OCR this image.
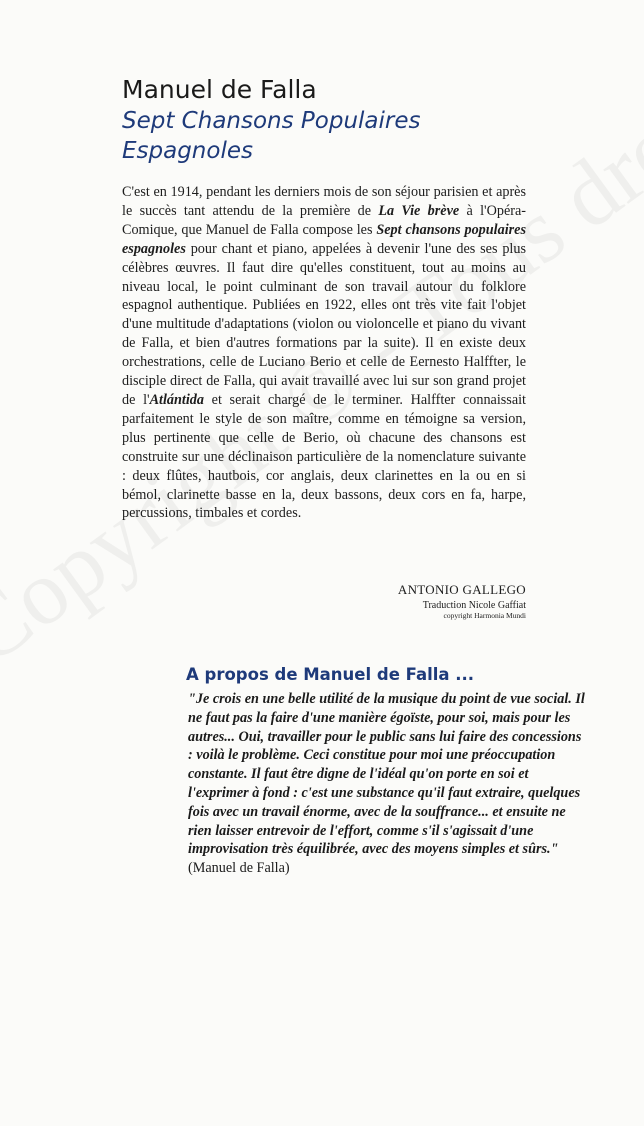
Manuel de Falla
Sept Chansons Populaires Espagnoles
C'est en 1914, pendant les derniers mois de son séjour parisien et après le succès tant attendu de la première de La Vie brève à l'Opéra-Comique, que Manuel de Falla compose les Sept chansons populaires espagnoles pour chant et piano, appelées à devenir l'une des ses plus célèbres œuvres. Il faut dire qu'elles constituent, tout au moins au niveau local, le point culminant de son travail autour du folklore espagnol authentique. Publiées en 1922, elles ont très vite fait l'objet d'une multitude d'adaptations (violon ou violoncelle et piano du vivant de Falla, et bien d'autres formations par la suite). Il en existe deux orchestrations, celle de Luciano Berio et celle de Eernesto Halffter, le disciple direct de Falla, qui avait travaillé avec lui sur son grand projet de l'Atlántida et serait chargé de le terminer. Halffter connaissait parfaitement le style de son maître, comme en témoigne sa version, plus pertinente que celle de Berio, où chacune des chansons est construite sur une déclinaison particulière de la nomenclature suivante : deux flûtes, hautbois, cor anglais, deux clarinettes en la ou en si bémol, clarinette basse en la, deux bassons, deux cors en fa, harpe, percussions, timbales et cordes.
ANTONIO GALLEGO
Traduction Nicole Gaffiat
copyright Harmonia Mundi
A propos de Manuel de Falla ...
"Je crois en une belle utilité de la musique du point de vue social. Il ne faut pas la faire d'une manière égoïste, pour soi, mais pour les autres... Oui, travailler pour le public sans lui faire des concessions : voilà le problème. Ceci constitue pour moi une préoccupation constante. Il faut être digne de l'idéal qu'on porte en soi et l'exprimer à fond : c'est une substance qu'il faut extraire, quelques fois avec un travail énorme, avec de la souffrance... et ensuite ne rien laisser entrevoir de l'effort, comme s'il s'agissait d'une improvisation très équilibrée, avec des moyens simples et sûrs." (Manuel de Falla)
